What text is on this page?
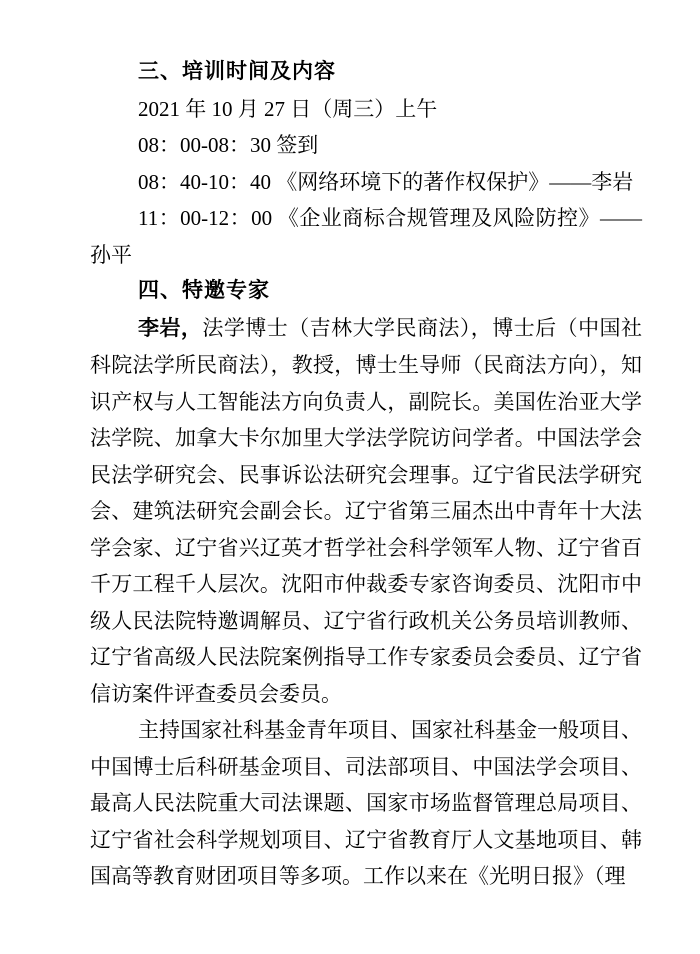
三、培训时间及内容

2021 年 10 月 27 日（周三）上午

08：00-08：30 签到

08：40-10：40 《网络环境下的著作权保护》——李岩

11：00-12：00 《企业商标合规管理及风险防控》——孙平

四、特邀专家

李岩，法学博士（吉林大学民商法），博士后（中国社科院法学所民商法），教授，博士生导师（民商法方向），知识产权与人工智能法方向负责人，副院长。美国佐治亚大学法学院、加拿大卡尔加里大学法学院访问学者。中国法学会民法学研究会、民事诉讼法研究会理事。辽宁省民法学研究会、建筑法研究会副会长。辽宁省第三届杰出中青年十大法学会家、辽宁省兴辽英才哲学社会科学领军人物、辽宁省百千万工程千人层次。沈阳市仲裁委专家咨询委员、沈阳市中级人民法院特邀调解员、辽宁省行政机关公务员培训教师、辽宁省高级人民法院案例指导工作专家委员会委员、辽宁省信访案件评查委员会委员。

主持国家社科基金青年项目、国家社科基金一般项目、中国博士后科研基金项目、司法部项目、中国法学会项目、最高人民法院重大司法课题、国家市场监督管理总局项目、辽宁省社会科学规划项目、辽宁省教育厅人文基地项目、韩国高等教育财团项目等多项。工作以来在《光明日报》（理
